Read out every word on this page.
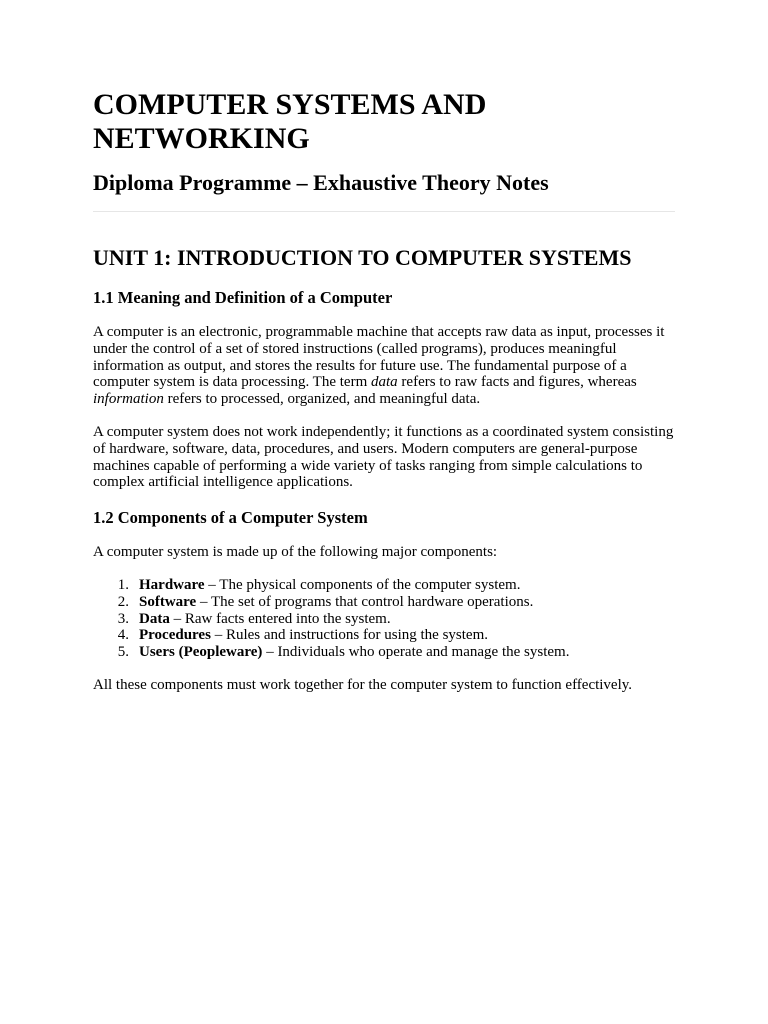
COMPUTER SYSTEMS AND NETWORKING
Diploma Programme – Exhaustive Theory Notes
UNIT 1: INTRODUCTION TO COMPUTER SYSTEMS
1.1 Meaning and Definition of a Computer

A computer is an electronic, programmable machine that accepts raw data as input, processes it under the control of a set of stored instructions (called programs), produces meaningful information as output, and stores the results for future use. The fundamental purpose of a computer system is data processing. The term data refers to raw facts and figures, whereas information refers to processed, organized, and meaningful data.

A computer system does not work independently; it functions as a coordinated system consisting of hardware, software, data, procedures, and users. Modern computers are general-purpose machines capable of performing a wide variety of tasks ranging from simple calculations to complex artificial intelligence applications.

1.2 Components of a Computer System

A computer system is made up of the following major components:

1. Hardware – The physical components of the computer system.
2. Software – The set of programs that control hardware operations.
3. Data – Raw facts entered into the system.
4. Procedures – Rules and instructions for using the system.
5. Users (Peopleware) – Individuals who operate and manage the system.

All these components must work together for the computer system to function effectively.
